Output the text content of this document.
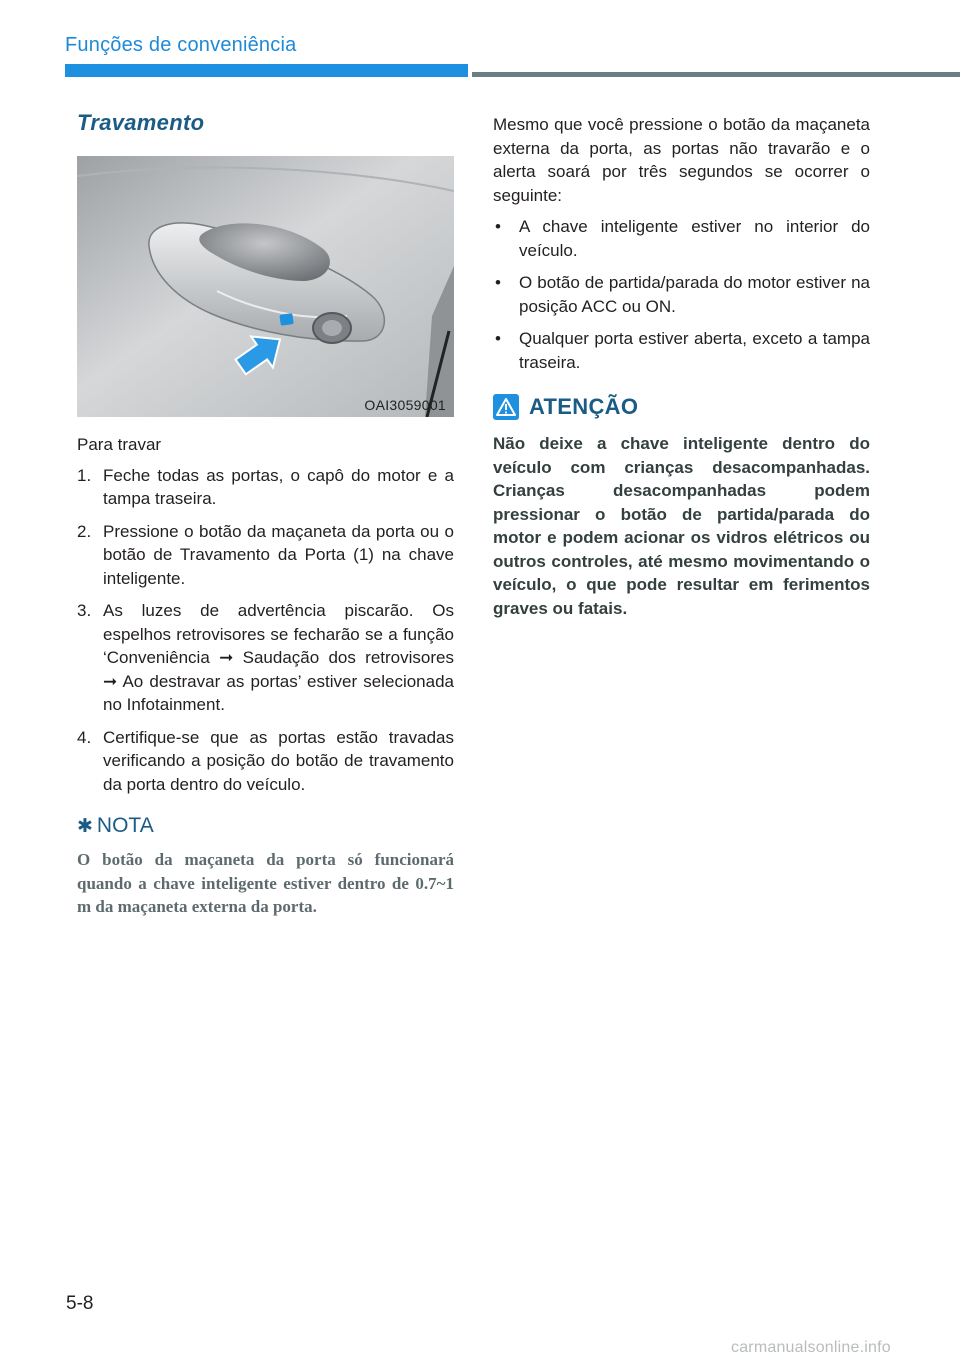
Funções de conveniência
Travamento
OAI3059001

Para travar

1. Feche todas as portas, o capô do motor e a tampa traseira.
2. Pressione o botão da maçaneta da porta ou o botão de Travamento da Porta (1) na chave inteligente.
3. As luzes de advertência piscarão. Os espelhos retrovisores se fecharão se a função ‘Conveniência ➞ Saudação dos retrovisores ➞ Ao destravar as portas’ estiver selecionada no Infotainment.
4. Certifique-se que as portas estão travadas verificando a posição do botão de travamento da porta dentro do veículo.
✱ NOTA

O botão da maçaneta da porta só funcionará quando a chave inteligente estiver dentro de 0.7~1 m da maçaneta externa da porta.

Mesmo que você pressione o botão da maçaneta externa da porta, as portas não travarão e o alerta soará por três segundos se ocorrer o seguinte:

• A chave inteligente estiver no interior do veículo.
• O botão de partida/parada do motor estiver na posição ACC ou ON.
• Qualquer porta estiver aberta, exceto a tampa traseira.
ATENÇÃO

Não deixe a chave inteligente dentro do veículo com crianças desacompanhadas. Crianças desacompanhadas podem pressionar o botão de partida/parada do motor e podem acionar os vidros elétricos ou outros controles, até mesmo movimentando o veículo, o que pode resultar em ferimentos graves ou fatais.

5-8
carmanualsonline.info
